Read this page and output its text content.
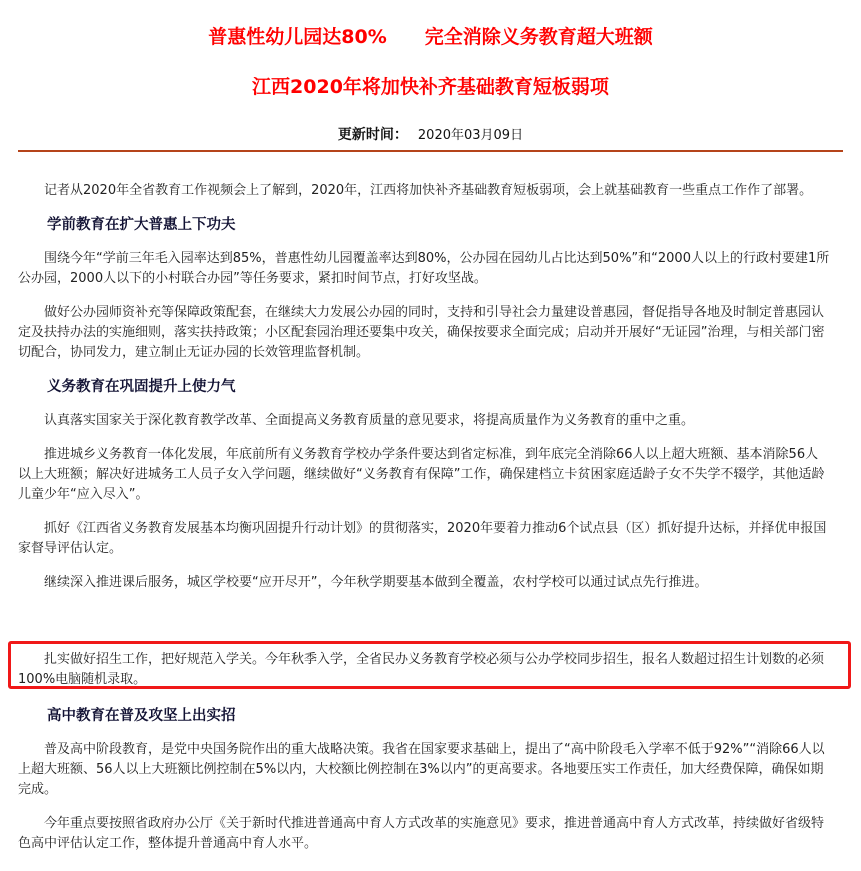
普惠性幼儿园达80%　　完全消除义务教育超大班额
江西2020年将加快补齐基础教育短板弱项
更新时间： 2020年03月09日

记者从2020年全省教育工作视频会上了解到，2020年，江西将加快补齐基础教育短板弱项，会上就基础教育一些重点工作作了部署。

学前教育在扩大普惠上下功夫

围绕今年“学前三年毛入园率达到85%，普惠性幼儿园覆盖率达到80%，公办园在园幼儿占比达到50%”和“2000人以上的行政村要建1所公办园，2000人以下的小村联合办园”等任务要求，紧扣时间节点，打好攻坚战。

做好公办园师资补充等保障政策配套，在继续大力发展公办园的同时，支持和引导社会力量建设普惠园，督促指导各地及时制定普惠园认定及扶持办法的实施细则，落实扶持政策；小区配套园治理还要集中攻关，确保按要求全面完成；启动并开展好“无证园”治理，与相关部门密切配合，协同发力，建立制止无证办园的长效管理监督机制。

义务教育在巩固提升上使力气

认真落实国家关于深化教育教学改革、全面提高义务教育质量的意见要求，将提高质量作为义务教育的重中之重。

推进城乡义务教育一体化发展，年底前所有义务教育学校办学条件要达到省定标准，到年底完全消除66人以上超大班额、基本消除56人以上大班额；解决好进城务工人员子女入学问题，继续做好“义务教育有保障”工作，确保建档立卡贫困家庭适龄子女不失学不辍学，其他适龄儿童少年“应入尽入”。

抓好《江西省义务教育发展基本均衡巩固提升行动计划》的贯彻落实，2020年要着力推动6个试点县（区）抓好提升达标，并择优申报国家督导评估认定。

继续深入推进课后服务，城区学校要“应开尽开”，今年秋学期要基本做到全覆盖，农村学校可以通过试点先行推进。

扎实做好招生工作，把好规范入学关。今年秋季入学，全省民办义务教育学校必须与公办学校同步招生，报名人数超过招生计划数的必须100%电脑随机录取。

高中教育在普及攻坚上出实招

普及高中阶段教育，是党中央国务院作出的重大战略决策。我省在国家要求基础上，提出了“高中阶段毛入学率不低于92%”“消除66人以上超大班额、56人以上大班额比例控制在5%以内，大校额比例控制在3%以内”的更高要求。各地要压实工作责任，加大经费保障，确保如期完成。

今年重点要按照省政府办公厅《关于新时代推进普通高中育人方式改革的实施意见》要求，推进普通高中育人方式改革，持续做好省级特色高中评估认定工作，整体提升普通高中育人水平。
